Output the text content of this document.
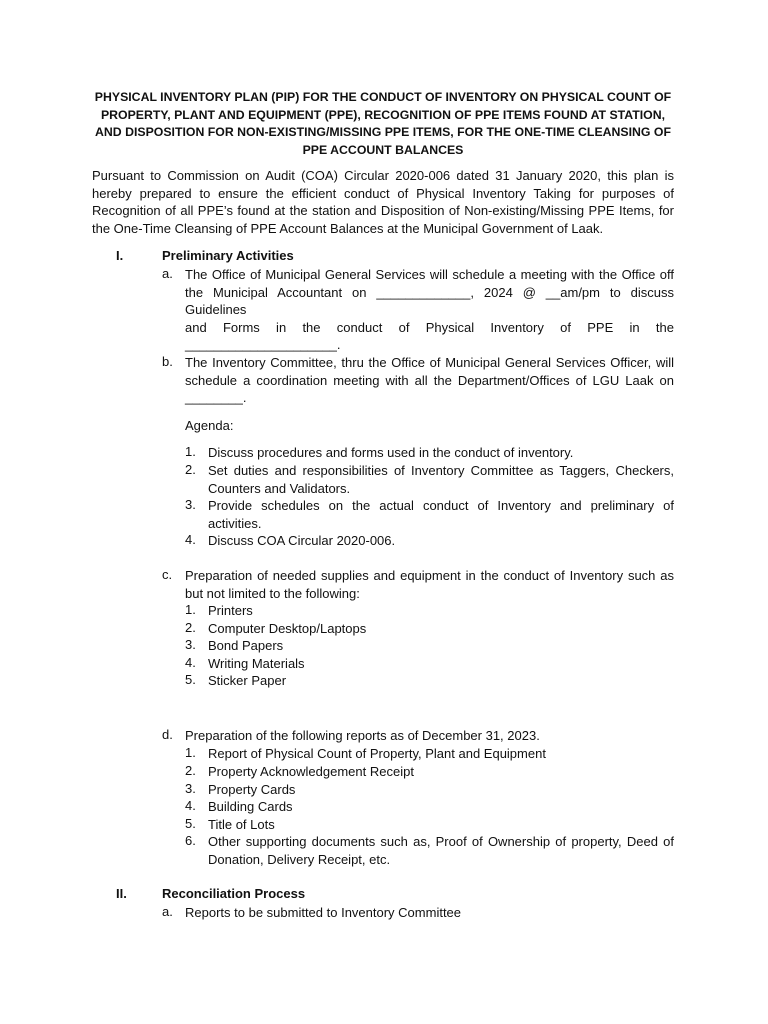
PHYSICAL INVENTORY PLAN (PIP) FOR THE CONDUCT OF INVENTORY ON PHYSICAL COUNT OF PROPERTY, PLANT AND EQUIPMENT (PPE), RECOGNITION OF PPE ITEMS FOUND AT STATION, AND DISPOSITION FOR NON-EXISTING/MISSING PPE ITEMS, FOR THE ONE-TIME CLEANSING OF PPE ACCOUNT BALANCES
Pursuant to Commission on Audit (COA) Circular 2020-006 dated 31 January 2020, this plan is hereby prepared to ensure the efficient conduct of Physical Inventory Taking for purposes of Recognition of all PPE’s found at the station and Disposition of Non-existing/Missing PPE Items, for the One-Time Cleansing of PPE Account Balances at the Municipal Government of Laak.
I.	Preliminary Activities
a. The Office of Municipal General Services will schedule a meeting with the Office off
the Municipal Accountant on _____________, 2024 @ __am/pm to discuss Guidelines
and Forms in the conduct of Physical Inventory of PPE in the
_____________________.
b. The Inventory Committee, thru the Office of Municipal General Services Officer, will schedule a coordination meeting with all the Department/Offices of LGU Laak on ________.
Agenda:
1. Discuss procedures and forms used in the conduct of inventory.
2. Set duties and responsibilities of Inventory Committee as Taggers, Checkers, Counters and Validators.
3. Provide schedules on the actual conduct of Inventory and preliminary of activities.
4. Discuss COA Circular 2020-006.
c. Preparation of needed supplies and equipment in the conduct of Inventory such as but not limited to the following:
1. Printers
2. Computer Desktop/Laptops
3. Bond Papers
4. Writing Materials
5. Sticker Paper
d. Preparation of the following reports as of December 31, 2023.
1. Report of Physical Count of Property, Plant and Equipment
2. Property Acknowledgement Receipt
3. Property Cards
4. Building Cards
5. Title of Lots
6. Other supporting documents such as, Proof of Ownership of property, Deed of Donation, Delivery Receipt, etc.
II.	Reconciliation Process
a. Reports to be submitted to Inventory Committee
